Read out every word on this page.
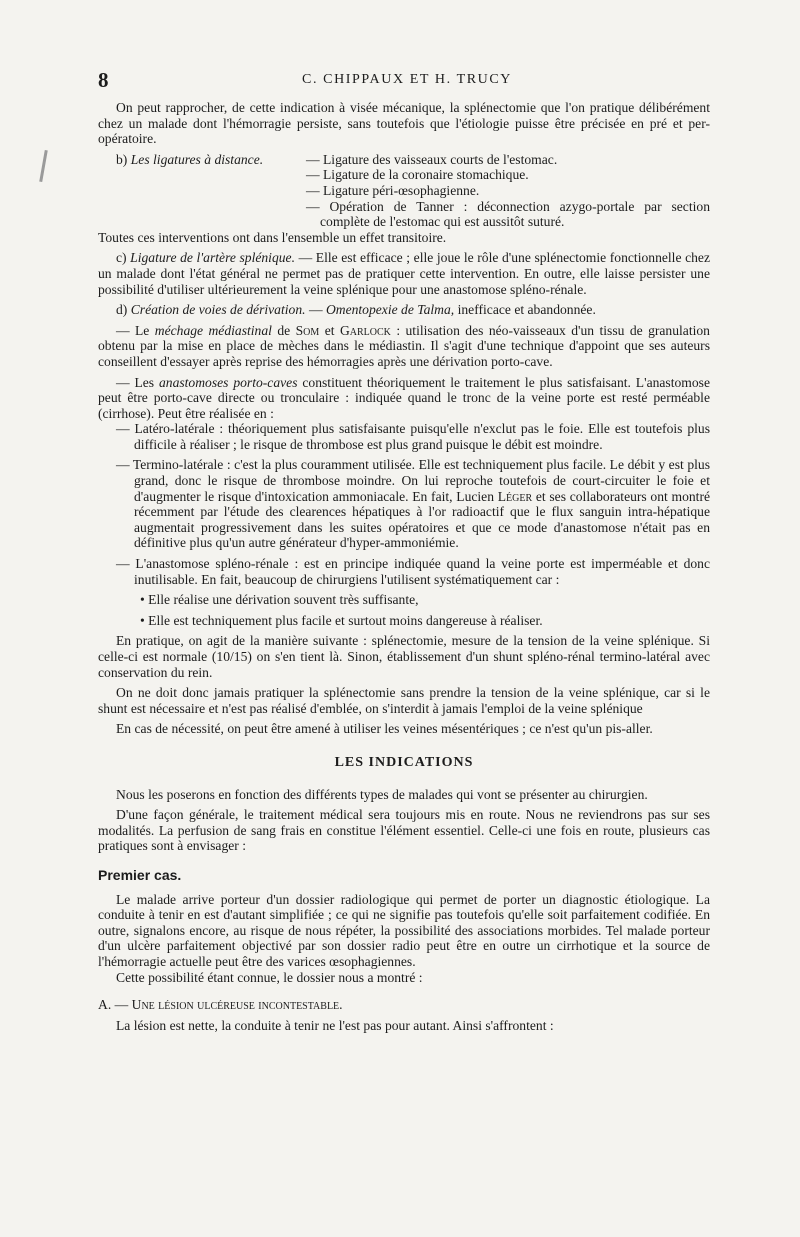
8	C. CHIPPAUX ET H. TRUCY

On peut rapprocher, de cette indication à visée mécanique, la splénectomie que l'on pratique délibérément chez un malade dont l'hémorragie persiste, sans toutefois que l'étiologie puisse être précisée en pré et per-opératoire.

b) Les ligatures à distance.	— Ligature des vaisseaux courts de l'estomac.
— Ligature de la coronaire stomachique.
— Ligature péri-œsophagienne.
— Opération de Tanner : déconnection azygo-portale par section complète de l'estomac qui est aussitôt suturé.

Toutes ces interventions ont dans l'ensemble un effet transitoire.

c) Ligature de l'artère splénique. — Elle est efficace ; elle joue le rôle d'une splénectomie fonctionnelle chez un malade dont l'état général ne permet pas de pratiquer cette intervention. En outre, elle laisse persister une possibilité d'utiliser ultérieurement la veine splénique pour une anastomose spléno-rénale.

d) Création de voies de dérivation. — Omentopexie de Talma, inefficace et abandonnée.

— Le méchage médiastinal de Som et Garlock : utilisation des néo-vaisseaux d'un tissu de granulation obtenu par la mise en place de mèches dans le médiastin. Il s'agit d'une technique d'appoint que ses auteurs conseillent d'essayer après reprise des hémorragies après une dérivation porto-cave.

— Les anastomoses porto-caves constituent théoriquement le traitement le plus satisfaisant. L'anastomose peut être porto-cave directe ou tronculaire : indiquée quand le tronc de la veine porte est resté perméable (cirrhose). Peut être réalisée en :

— Latéro-latérale : théoriquement plus satisfaisante puisqu'elle n'exclut pas le foie. Elle est toutefois plus difficile à réaliser ; le risque de thrombose est plus grand puisque le débit est moindre.

— Termino-latérale : c'est la plus couramment utilisée. Elle est techniquement plus facile. Le débit y est plus grand, donc le risque de thrombose moindre. On lui reproche toutefois de court-circuiter le foie et d'augmenter le risque d'intoxication ammoniacale. En fait, Lucien Léger et ses collaborateurs ont montré récemment par l'étude des clearences hépatiques à l'or radioactif que le flux sanguin intra-hépatique augmentait progressivement dans les suites opératoires et que ce mode d'anastomose n'était pas en définitive plus qu'un autre générateur d'hyper-ammoniémie.

— L'anastomose spléno-rénale : est en principe indiquée quand la veine porte est imperméable et donc inutilisable. En fait, beaucoup de chirurgiens l'utilisent systématiquement car :

• Elle réalise une dérivation souvent très suffisante,

• Elle est techniquement plus facile et surtout moins dangereuse à réaliser.

En pratique, on agit de la manière suivante : splénectomie, mesure de la tension de la veine splénique. Si celle-ci est normale (10/15) on s'en tient là. Sinon, établissement d'un shunt spléno-rénal termino-latéral avec conservation du rein.

On ne doit donc jamais pratiquer la splénectomie sans prendre la tension de la veine splénique, car si le shunt est nécessaire et n'est pas réalisé d'emblée, on s'interdit à jamais l'emploi de la veine splénique

En cas de nécessité, on peut être amené à utiliser les veines mésentériques ; ce n'est qu'un pis-aller.

LES INDICATIONS

Nous les poserons en fonction des différents types de malades qui vont se présenter au chirurgien.

D'une façon générale, le traitement médical sera toujours mis en route. Nous ne reviendrons pas sur ses modalités. La perfusion de sang frais en constitue l'élément essentiel. Celle-ci une fois en route, plusieurs cas pratiques sont à envisager :

Premier cas.

Le malade arrive porteur d'un dossier radiologique qui permet de porter un diagnostic étiologique. La conduite à tenir en est d'autant simplifiée ; ce qui ne signifie pas toutefois qu'elle soit parfaitement codifiée. En outre, signalons encore, au risque de nous répéter, la possibilité des associations morbides. Tel malade porteur d'un ulcère parfaitement objectivé par son dossier radio peut être en outre un cirrhotique et la source de l'hémorragie actuelle peut être des varices œsophagiennes.

Cette possibilité étant connue, le dossier nous a montré :

A. — Une lésion ulcéreuse incontestable.

La lésion est nette, la conduite à tenir ne l'est pas pour autant. Ainsi s'affrontent :
